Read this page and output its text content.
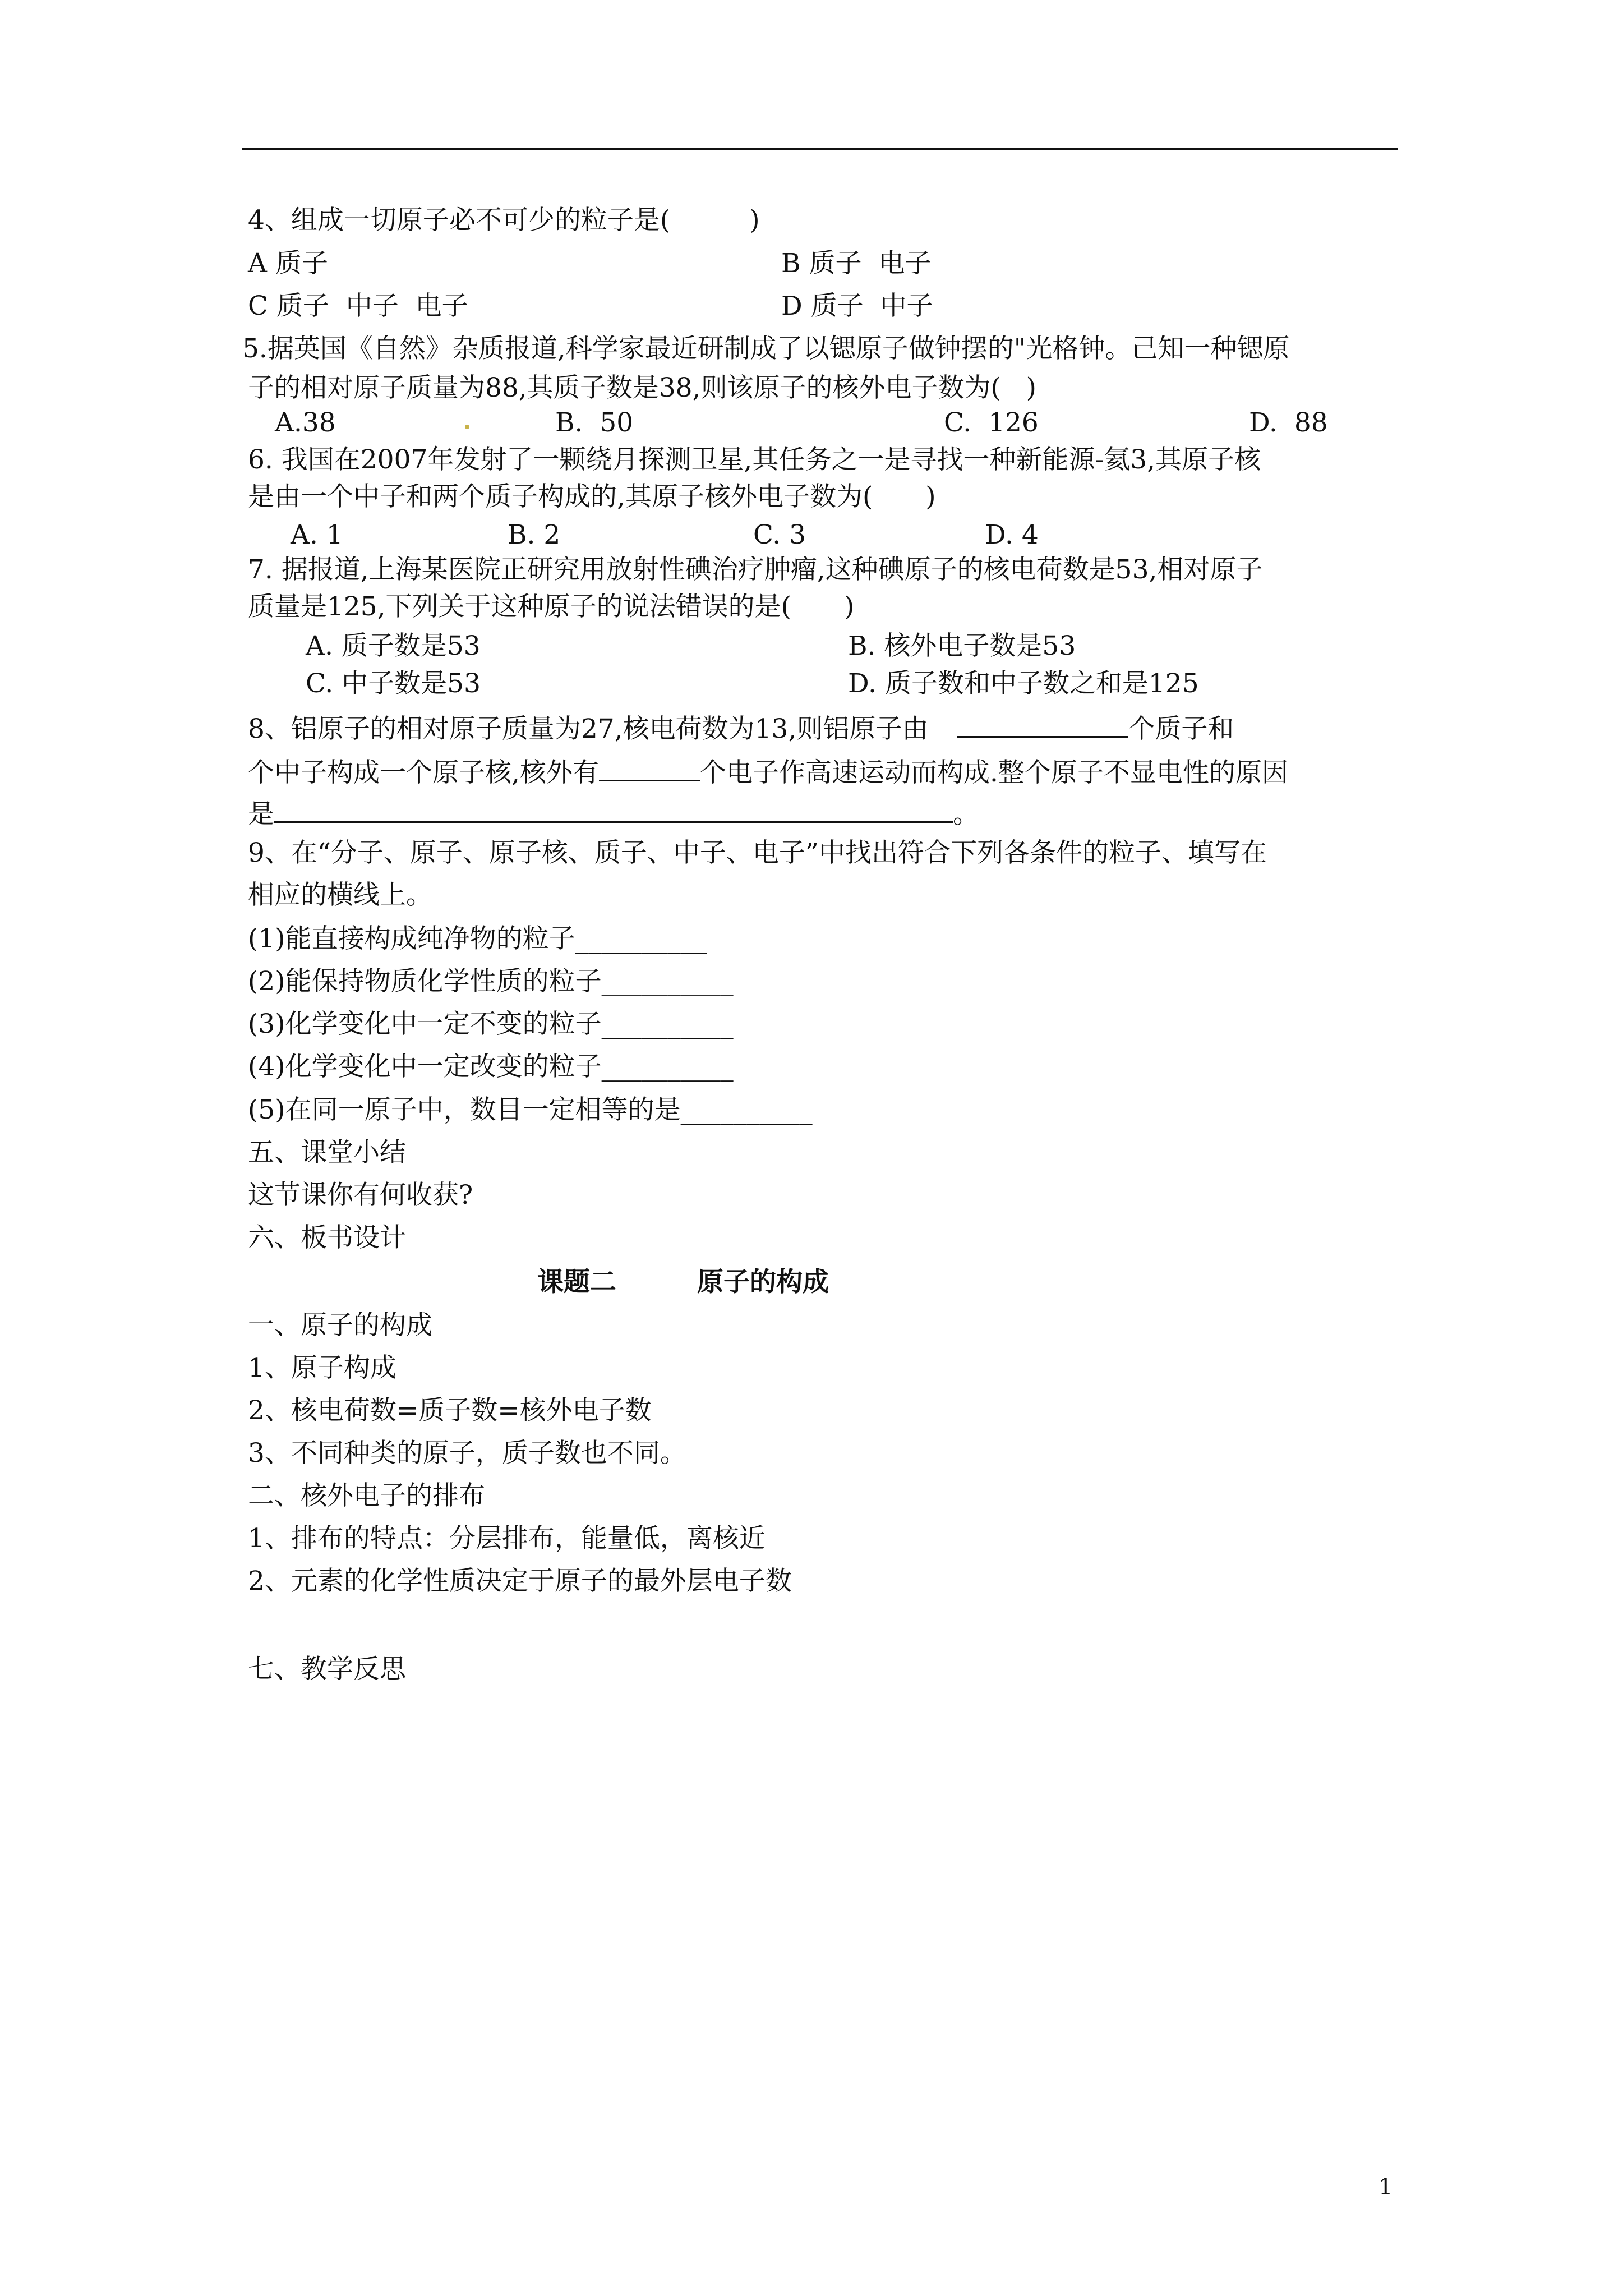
4、组成一切原子必不可少的粒子是(　　　)
A 质子	B 质子  电子
C 质子  中子  电子	D 质子  中子
5.据英国《自然》杂质报道,科学家最近研制成了以锶原子做钟摆的"光格钟。己知一种锶原
子的相对原子质量为88,其质子数是38,则该原子的核外电子数为(   )
A.38	B.  50	C.  126	D.  88
6. 我国在2007年发射了一颗绕月探测卫星,其任务之一是寻找一种新能源-氦3,其原子核
是由一个中子和两个质子构成的,其原子核外电子数为(　　)
A. 1	B. 2	C. 3	D. 4
7. 据报道,上海某医院正研究用放射性碘治疗肿瘤,这种碘原子的核电荷数是53,相对原子
质量是125,下列关于这种原子的说法错误的是(　　)
A. 质子数是53	B. 核外电子数是53
C. 中子数是53	D. 质子数和中子数之和是125
8、铝原子的相对原子质量为27,核电荷数为13,则铝原子由	个质子和
个中子构成一个原子核,核外有	个电子作高速运动而构成.整个原子不显电性的原因
是	。
9、在“分子、原子、原子核、质子、中子、电子”中找出符合下列各条件的粒子、填写在
相应的横线上。
(1)能直接构成纯净物的粒子__________
(2)能保持物质化学性质的粒子__________
(3)化学变化中一定不变的粒子__________
(4)化学变化中一定改变的粒子__________
(5)在同一原子中，数目一定相等的是__________
五、课堂小结
这节课你有何收获?
六、板书设计
课题二	原子的构成
一、原子的构成
1、原子构成
2、核电荷数=质子数=核外电子数
3、不同种类的原子，质子数也不同。
二、核外电子的排布
1、排布的特点：分层排布，能量低，离核近
2、元素的化学性质决定于原子的最外层电子数
七、教学反思
1
